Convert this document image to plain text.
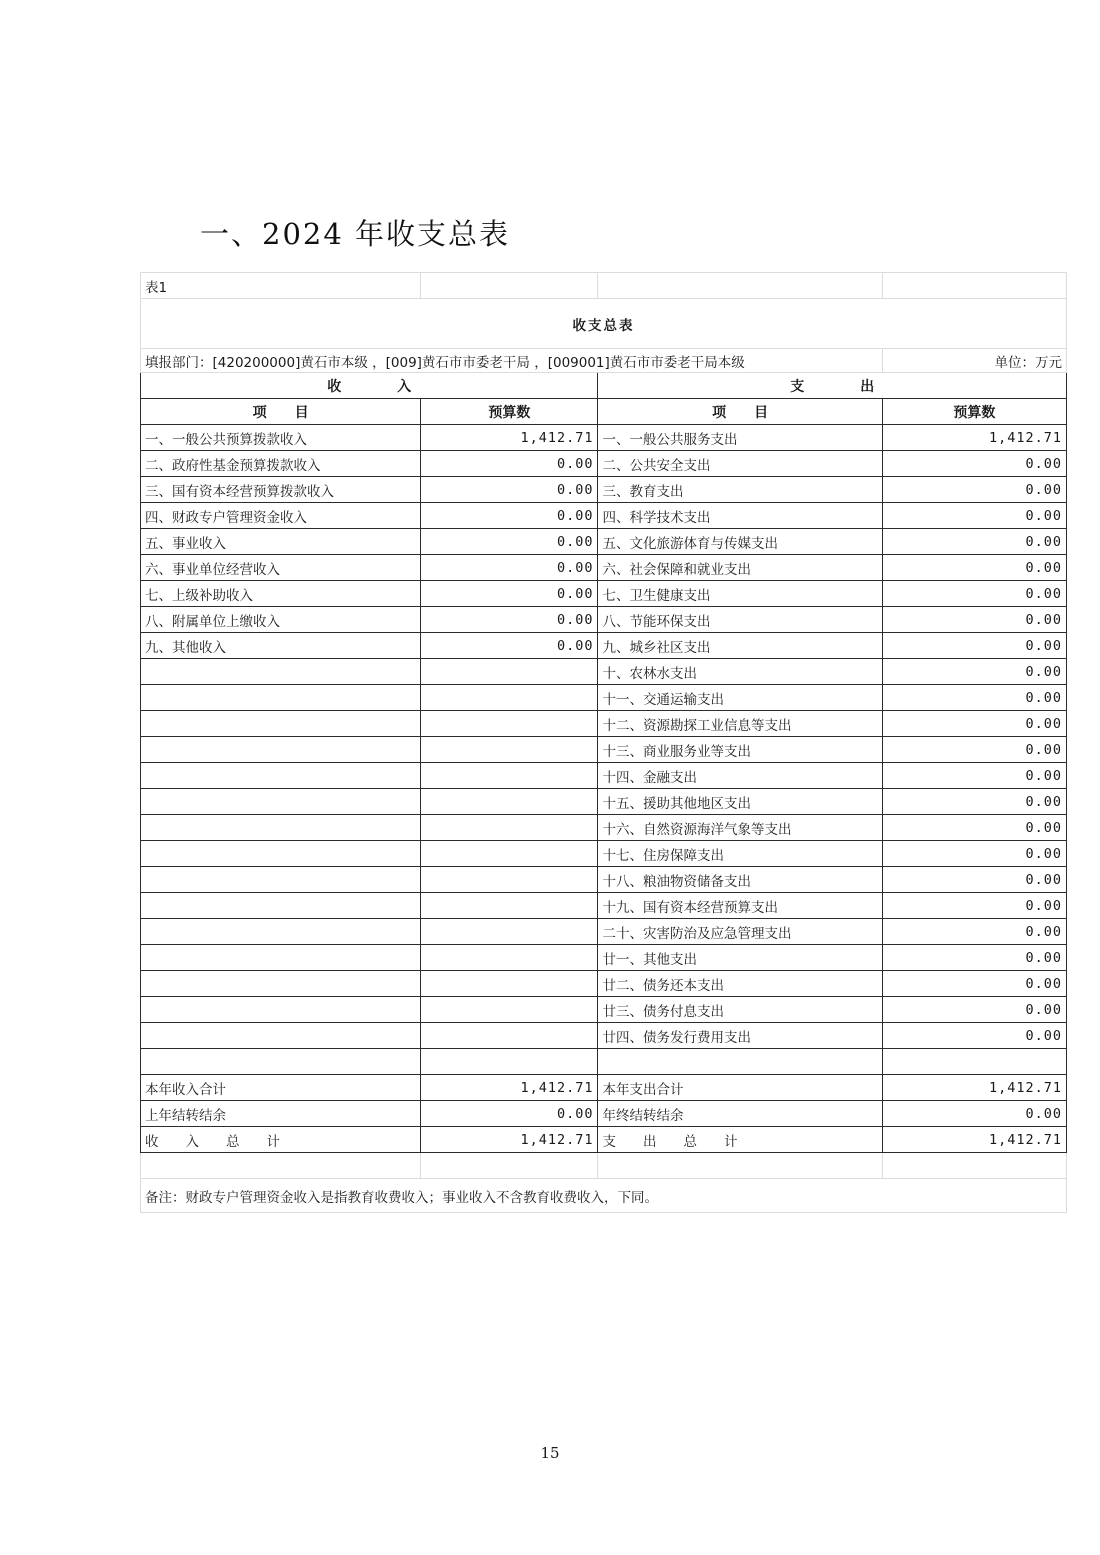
一、2024 年收支总表
表1			
收支总表			
填报部门：[420200000]黄石市本级 ，[009]黄石市市委老干局 ，[009001]黄石市市委老干局本级			单位：万元
收　　　　入		支　　　　出	
项　　目	预算数	项　　目	预算数
一、一般公共预算拨款收入	1,412.71	一、一般公共服务支出	1,412.71
二、政府性基金预算拨款收入	0.00	二、公共安全支出	0.00
三、国有资本经营预算拨款收入	0.00	三、教育支出	0.00
四、财政专户管理资金收入	0.00	四、科学技术支出	0.00
五、事业收入	0.00	五、文化旅游体育与传媒支出	0.00
六、事业单位经营收入	0.00	六、社会保障和就业支出	0.00
七、上级补助收入	0.00	七、卫生健康支出	0.00
八、附属单位上缴收入	0.00	八、节能环保支出	0.00
九、其他收入	0.00	九、城乡社区支出	0.00
		十、农林水支出	0.00
		十一、交通运输支出	0.00
		十二、资源勘探工业信息等支出	0.00
		十三、商业服务业等支出	0.00
		十四、金融支出	0.00
		十五、援助其他地区支出	0.00
		十六、自然资源海洋气象等支出	0.00
		十七、住房保障支出	0.00
		十八、粮油物资储备支出	0.00
		十九、国有资本经营预算支出	0.00
		二十、灾害防治及应急管理支出	0.00
		廿一、其他支出	0.00
		廿二、债务还本支出	0.00
		廿三、债务付息支出	0.00
		廿四、债务发行费用支出	0.00

本年收入合计	1,412.71	本年支出合计	1,412.71
上年结转结余	0.00	年终结转结余	0.00
收　　入　　总　　计	1,412.71	支　　出　　总　　计	1,412.71

备注：财政专户管理资金收入是指教育收费收入；事业收入不含教育收费收入，下同。			
15
